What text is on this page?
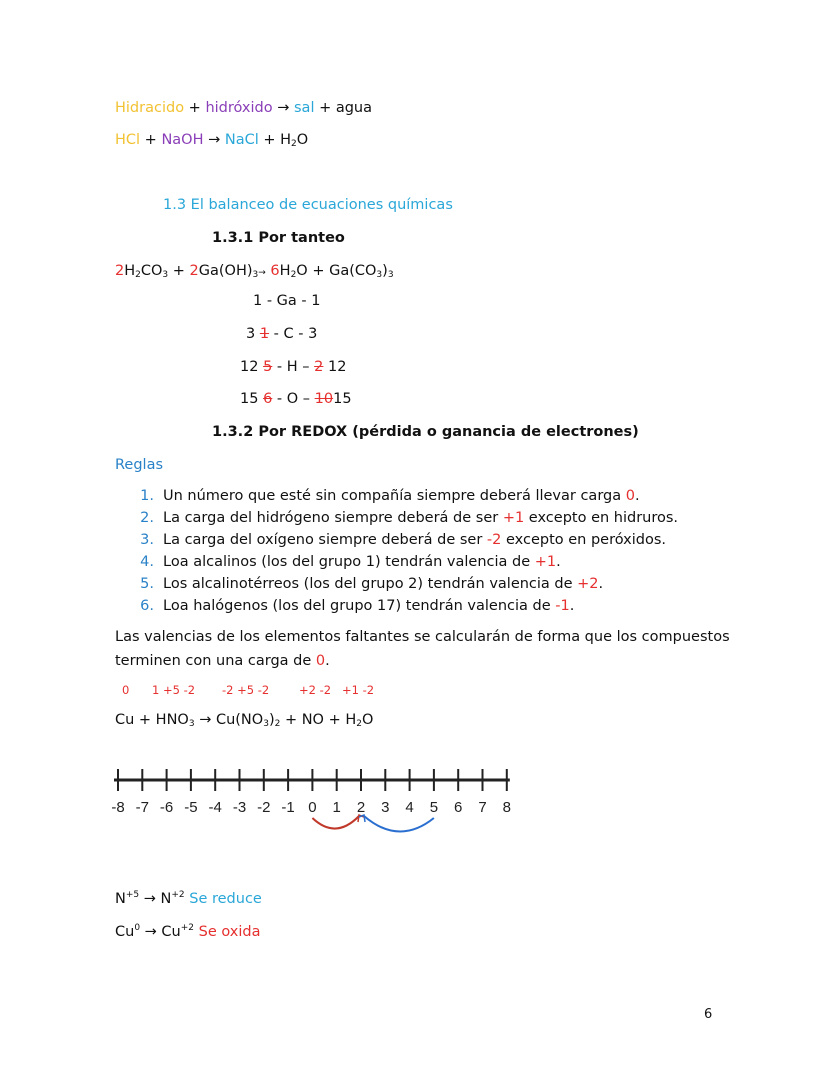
Hidracido + hidróxido → sal + agua
HCl + NaOH → NaCl + $H_2O$
1.3 El balanceo de ecuaciones químicas
1.3.1 Por tanteo
$2H_2CO_3 + 2Ga(OH)_3\to 6H_2O + Ga(CO_3)_3$
1 - Ga - 1
3 1 - C - 3
12 5 - H – 2 12
15 6 - O – 1015
1.3.2 Por REDOX (pérdida o ganancia de electrones)
Reglas
1. Un número que esté sin compañía siempre deberá llevar carga 0.
2. La carga del hidrógeno siempre deberá de ser +1 excepto en hidruros.
3. La carga del oxígeno siempre deberá de ser -2 excepto en peróxidos.
4. Loa alcalinos (los del grupo 1) tendrán valencia de +1.
5. Los alcalinotérreos (los del grupo 2) tendrán valencia de +2.
6. Loa halógenos (los del grupo 17) tendrán valencia de -1.
Las valencias de los elementos faltantes se calcularán de forma que los compuestos
terminen con una carga de 0.
0 1 +5 -2 -2 +5 -2	+2 -2 +1 -2
$Cu + HNO_3 \to Cu(NO_3)_2$ + NO + $H_2O$
-8 -7 -6 -5 -4 -3 -2 -1 0 1 2 3 4 5 6 7 8
$N^{+5} \to N^{+2}$ Se reduce
$Cu^0 \to Cu^{+2}$ Se oxida
6
